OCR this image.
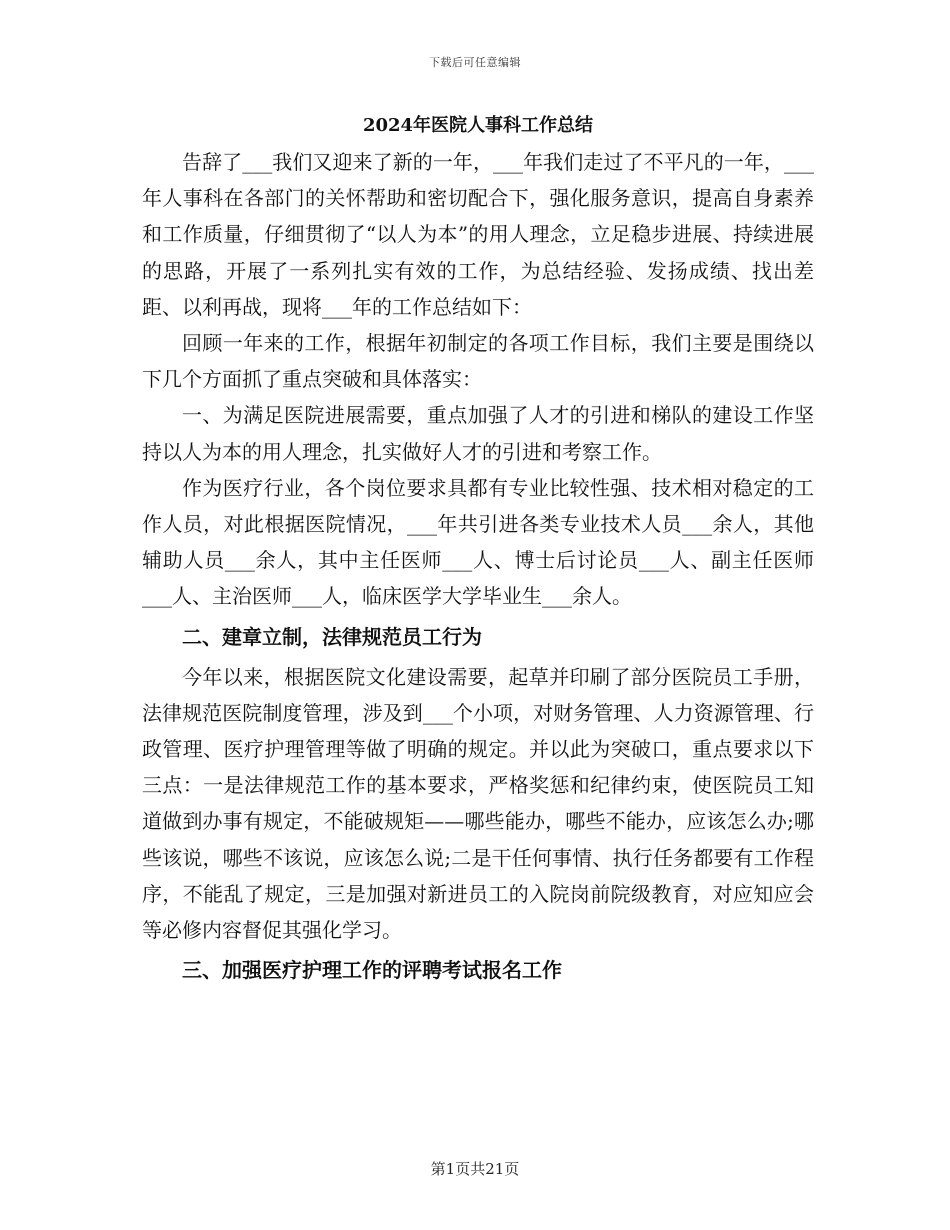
下载后可任意编辑
2024年医院人事科工作总结

告辞了___我们又迎来了新的一年，___年我们走过了不平凡的一年，___年人事科在各部门的关怀帮助和密切配合下，强化服务意识，提高自身素养和工作质量，仔细贯彻了“以人为本”的用人理念，立足稳步进展、持续进展的思路，开展了一系列扎实有效的工作，为总结经验、发扬成绩、找出差距、以利再战，现将___年的工作总结如下：

回顾一年来的工作，根据年初制定的各项工作目标，我们主要是围绕以下几个方面抓了重点突破和具体落实：

一、为满足医院进展需要，重点加强了人才的引进和梯队的建设工作坚持以人为本的用人理念，扎实做好人才的引进和考察工作。

作为医疗行业，各个岗位要求具都有专业比较性强、技术相对稳定的工作人员，对此根据医院情况，___年共引进各类专业技术人员___余人，其他辅助人员___余人，其中主任医师___人、博士后讨论员___人、副主任医师___人、主治医师___人，临床医学大学毕业生___余人。

二、建章立制，法律规范员工行为

今年以来，根据医院文化建设需要，起草并印刷了部分医院员工手册，法律规范医院制度管理，涉及到___个小项，对财务管理、人力资源管理、行政管理、医疗护理管理等做了明确的规定。并以此为突破口，重点要求以下三点：一是法律规范工作的基本要求，严格奖惩和纪律约束，使医院员工知道做到办事有规定，不能破规矩——哪些能办，哪些不能办，应该怎么办;哪些该说，哪些不该说，应该怎么说;二是干任何事情、执行任务都要有工作程序，不能乱了规定，三是加强对新进员工的入院岗前院级教育，对应知应会等必修内容督促其强化学习。

三、加强医疗护理工作的评聘考试报名工作
第1页共21页
